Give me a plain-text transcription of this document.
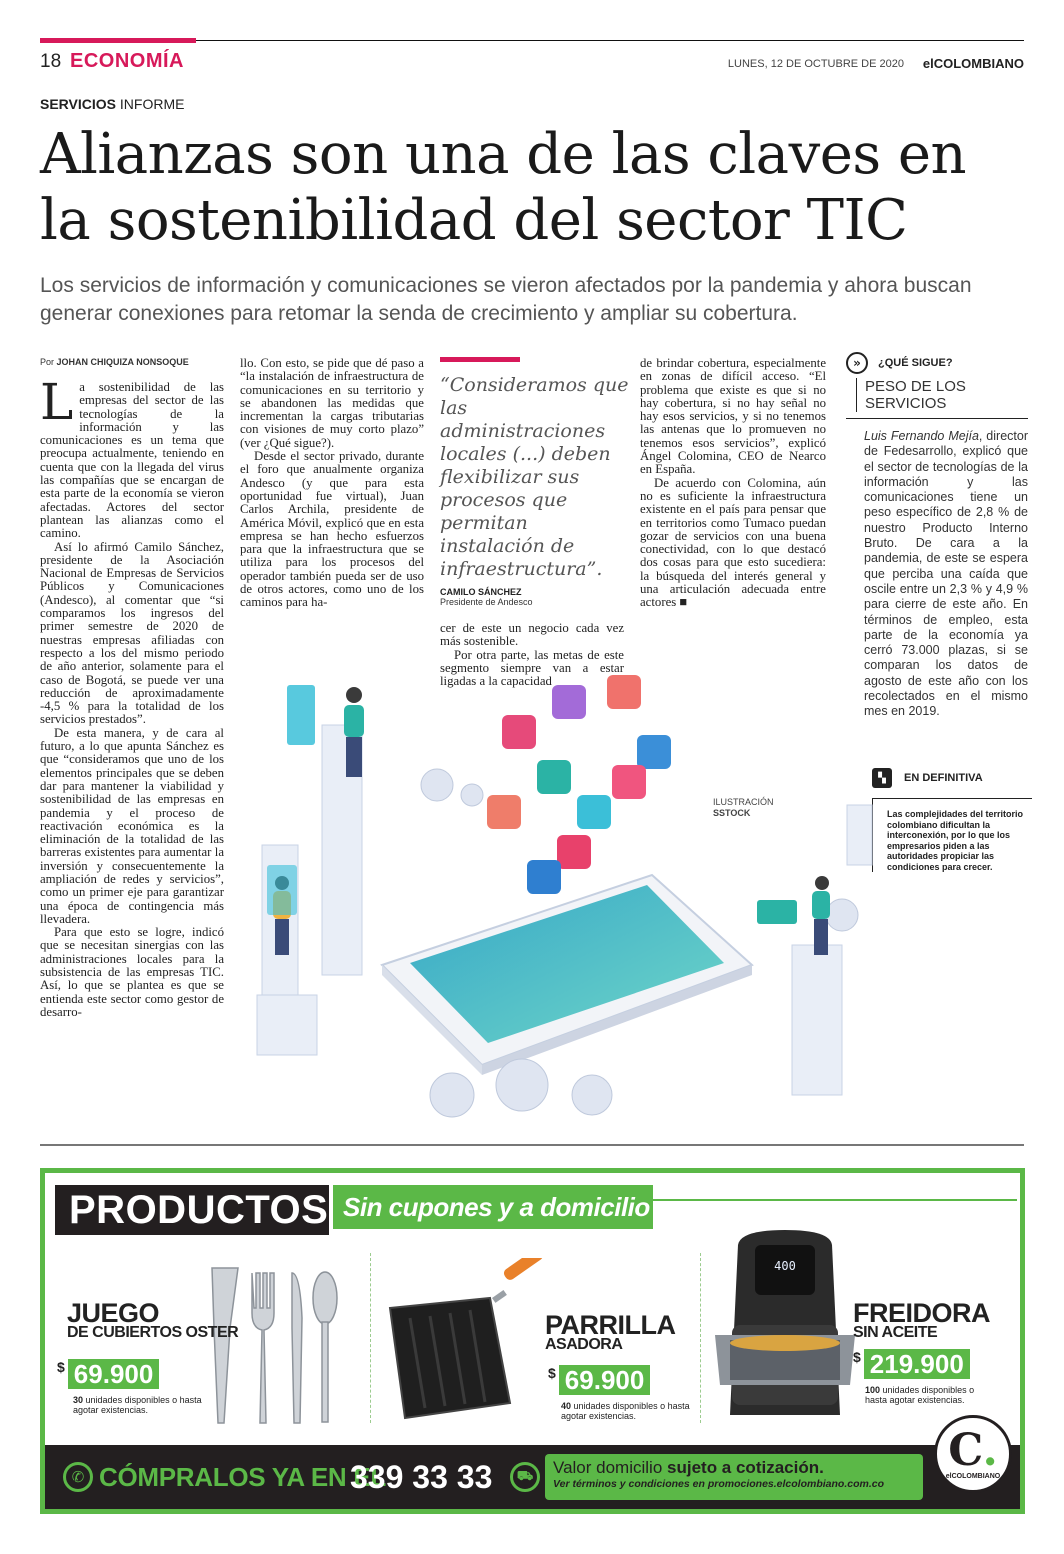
18 ECONOMÍA	LUNES, 12 DE OCTUBRE DE 2020 elCOLOMBIANO
SERVICIOS INFORME
Alianzas son una de las claves en la sostenibilidad del sector TIC

Los servicios de información y comunicaciones se vieron afectados por la pandemia y ahora buscan generar conexiones para retomar la senda de crecimiento y ampliar su cobertura.

Por JOHAN CHIQUIZA NONSOQUE

La sostenibilidad de las empresas del sector de las tecnologías de la información y las comunicaciones es un tema que preocupa actualmente, teniendo en cuenta que con la llegada del virus las compañías que se encargan de esta parte de la economía se vieron afectadas. Actores del sector plantean las alianzas como el camino.

Así lo afirmó Camilo Sánchez, presidente de la Asociación Nacional de Empresas de Servicios Públicos y Comunicaciones (Andesco), al comentar que “si comparamos los ingresos del primer semestre de 2020 de nuestras empresas afiliadas con respecto a los del mismo periodo de año anterior, solamente para el caso de Bogotá, se puede ver una reducción de aproximadamente -4,5 % para la totalidad de los servicios prestados”.

De esta manera, y de cara al futuro, a lo que apunta Sánchez es que “consideramos que uno de los elementos principales que se deben dar para mantener la viabilidad y sostenibilidad de las empresas en pandemia y el proceso de reactivación económica es la eliminación de la totalidad de las barreras existentes para aumentar la inversión y consecuentemente la ampliación de redes y servicios”, como un primer eje para garantizar una época de contingencia más llevadera.

Para que esto se logre, indicó que se necesitan sinergias con las administraciones locales para la subsistencia de las empresas TIC. Así, lo que se plantea es que se entienda este sector como gestor de desarro-

llo. Con esto, se pide que dé paso a “la instalación de infraestructura de comunicaciones en su territorio y se abandonen las medidas que incrementan la cargas tributarias con visiones de muy corto plazo” (ver ¿Qué sigue?).

Desde el sector privado, durante el foro que anualmente organiza Andesco (y que para esta oportunidad fue virtual), Juan Carlos Archila, presidente de América Móvil, explicó que en esta empresa se han hecho esfuerzos para que la infraestructura que se utiliza para los procesos del operador también pueda ser de uso de otros actores, como uno de los caminos para ha-

“Consideramos que las administraciones locales (...) deben flexibilizar sus procesos que permitan instalación de infraestructura”.

CAMILO SÁNCHEZ
Presidente de Andesco

cer de este un negocio cada vez más sostenible.

Por otra parte, las metas de este segmento siempre van a estar ligadas a la capacidad

de brindar cobertura, especialmente en zonas de difícil acceso. “El problema que existe es que si no hay cobertura, si no hay señal no hay esos servicios, y si no tenemos las antenas que lo promueven no tenemos esos servicios”, explicó Ángel Colomina, CEO de Nearco en España.

De acuerdo con Colomina, aún no es suficiente la infraestructura existente en el país para pensar que en territorios como Tumaco puedan gozar de servicios con una buena conectividad, con lo que destacó dos cosas para que esto sucediera: la búsqueda del interés general y una articulación adecuada entre actores ■

»	¿QUÉ SIGUE?
PESO DE LOS SERVICIOS

Luis Fernando Mejía, director de Fedesarrollo, explicó que el sector de tecnologías de la información y las comunicaciones tiene un peso específico de 2,8 % de nuestro Producto Interno Bruto. De cara a la pandemia, de este se espera que perciba una caída que oscile entre un 2,3 % y 4,9 % para cierre de este año. En términos de empleo, esta parte de la economía ya cerró 73.000 plazas, si se comparan los datos de agosto de este año con los recolectados en el mismo mes en 2019.

▚	EN DEFINITIVA
Las complejidades del territorio colombiano dificultan la interconexión, por lo que los empresarios piden a las autoridades propiciar las condiciones para crecer.
ILUSTRACIÓN
SSTOCK
PRODUCTOS Sin cupones y a domicilio
JUEGO
DE CUBIERTOS OSTER
$ 69.900
30 unidades disponibles o hasta agotar existencias.
PARRILLA
ASADORA
$ 69.900
40 unidades disponibles o hasta agotar existencias.
400
FREIDORA
SIN ACEITE
$ 219.900
100 unidades disponibles o hasta agotar existencias.
✆ CÓMPRALOS YA EN EL
339 33 33	⛟	Valor domicilio sujeto a cotización.
Ver términos y condiciones en promociones.elcolombiano.com.co
C.
elCOLOMBIANO
